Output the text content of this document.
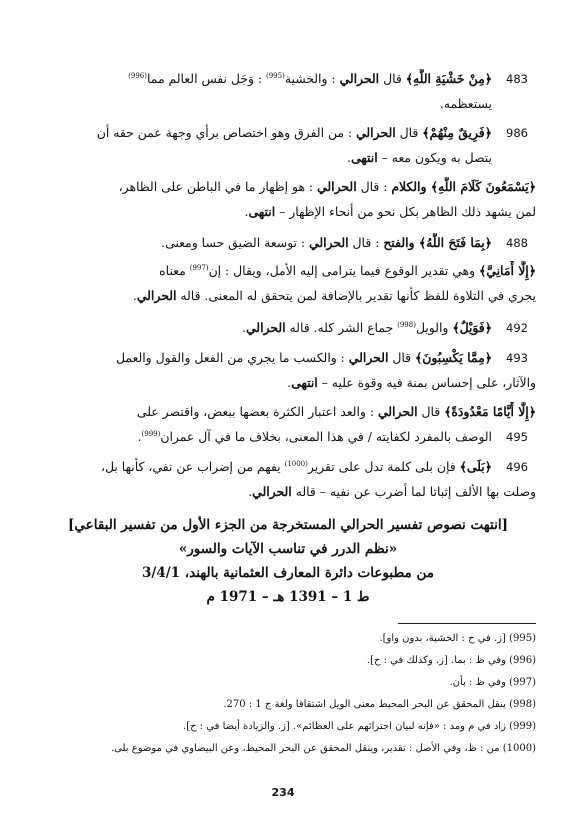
483
﴿مِنْ خَشْيَةِ اللَّهِ﴾ قال الحرالي : والخشية$^{(995)}$ : وَجَل نفس العالم مما$^{(996)}$
يستعظمه.
986
﴿فَرِيقٌ مِنْهُمْ﴾ قال الحرالي : من الفرق وهو اختصاص برأي وجهة عمن حقه أن
يتصل به ويكون معه – انتهى.
﴿يَسْمَعُونَ كَلَامَ اللَّهِ﴾ والكلام : قال الحرالي : هو إظهار ما في الباطن على الظاهر،
لمن يشهد ذلك الظاهر بكل نحو من أنحاء الإظهار – انتهى.
488
﴿بِمَا فَتَحَ اللَّهُ﴾ والفتح : قال الحرالي : توسعة الضيق حسا ومعنى.
﴿إِلَّا أَمَانِيَّ﴾ وهي تقدير الوقوع فيما يترامى إليه الأمل، ويقال : إن$^{(997)}$ معناه
يجري في التلاوة للفظ كأنها تقدير بالإضافة لمن يتحقق له المعنى. قاله الحرالي.
492
﴿فَوَيْلٌ﴾ والويل$^{(998)}$ جماع الشر كله. قاله الحرالي.
493
﴿مِمَّا يَكْسِبُونَ﴾ قال الحرالي : والكسب ما يجري من الفعل والقول والعمل
والآثار، على إحساس بمنة فيه وقوة عليه – انتهى.
﴿إِلَّا أَيَّامًا مَعْدُودَةً﴾ قال الحرالي : والعد اعتبار الكثرة بعضها ببعض، واقتصر على
الوصف بالمفرد لكفايته / في هذا المعنى، بخلاف ما في آل عمران$^{(999)}$.	495
496
﴿بَلَى﴾ فإن بلى كلمة تدل على تقرير$^{(1000)}$ يفهم من إضراب عن نفي، كأنها بل،
وصلت بها الألف إثباتا لما أضرب عن نفيه – قاله الحرالي.
[انتهت نصوص تفسير الحرالي المستخرجة من الجزء الأول من تفسير البقاعي]
«نظم الدرر في تناسب الآيات والسور»
من مطبوعات دائرة المعارف العثمانية بالهند، 3/4/1
ط 1 – 1391 هـ – 1971 م
(995) [ز. في ح : الخشية، بدون واو].
(996) وفي ظ : بما. [ز. وكذلك في : ح].
(997) وفي ظ : بأن.
(998) ينقل المحقق عن البحر المحيط معنى الويل اشتقاقا ولغة ج 1 : 270.
(999) زاد في م ومد : «فإنه لبيان اجترائهم على العظائم». [ز. والزيادة أيضا في : ح].
(1000) من : ظ، وفي الأصل : تقدير، وينقل المحقق عن البحر المحيط، وعن البيضاوي في موضوع بلى.
234
